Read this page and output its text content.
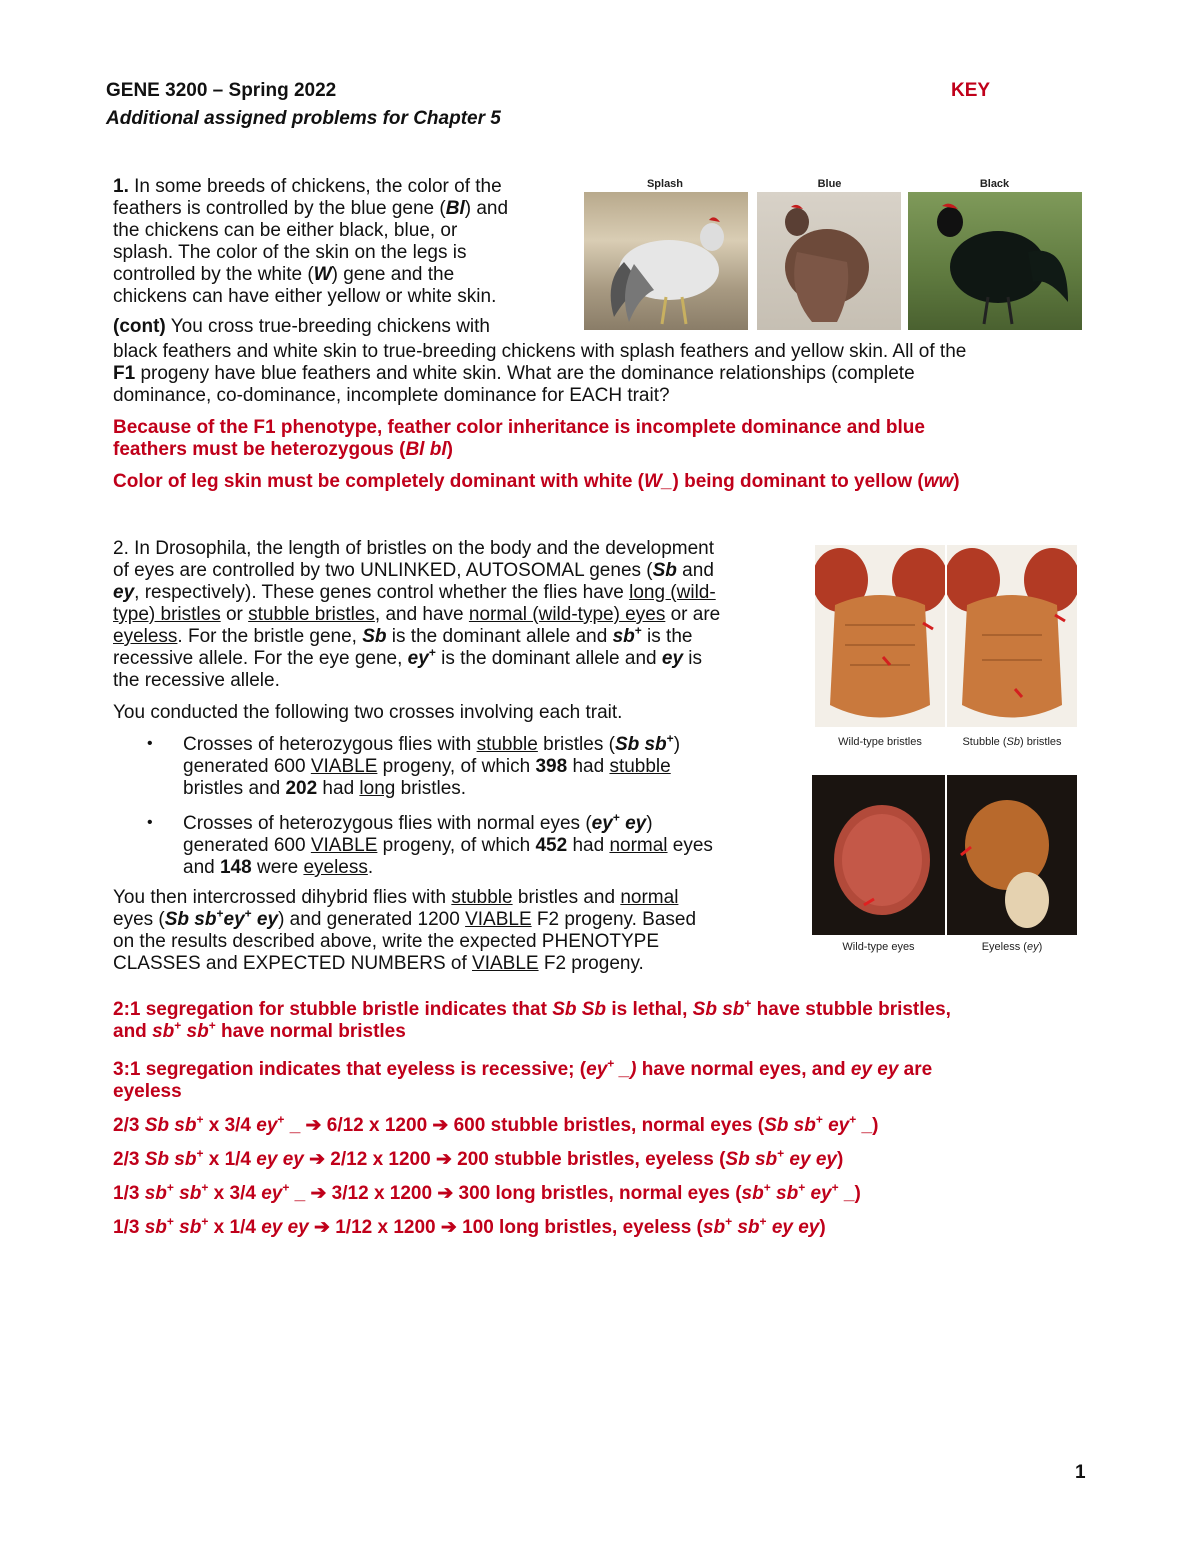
GENE 3200 – Spring 2022
Additional assigned problems for Chapter 5
KEY

1. In some breeds of chickens, the color of the

feathers is controlled by the blue gene (Bl) and

the chickens can be either black, blue, or

splash. The color of the skin on the legs is

controlled by the white (W) gene and the

chickens can have either yellow or white skin.

(cont) You cross true-breeding chickens with

black feathers and white skin to true-breeding chickens with splash feathers and yellow skin. All of the

F1 progeny have blue feathers and white skin. What are the dominance relationships (complete

dominance, co-dominance, incomplete dominance for EACH trait?

Splash	Blue	Black

Because of the F1 phenotype, feather color inheritance is incomplete dominance and blue

feathers must be heterozygous (Bl bl)

Color of leg skin must be completely dominant with white (W_) being dominant to yellow (ww)

2. In Drosophila, the length of bristles on the body and the development

of eyes are controlled by two UNLINKED, AUTOSOMAL genes (Sb and

ey, respectively). These genes control whether the flies have long (wild-

type) bristles or stubble bristles, and have normal (wild-type) eyes or are

eyeless. For the bristle gene, Sb is the dominant allele and sb+ is the

recessive allele. For the eye gene, ey+ is the dominant allele and ey is

the recessive allele.

You conducted the following two crosses involving each trait.

• Crosses of heterozygous flies with stubble bristles (Sb sb+)

generated 600 VIABLE progeny, of which 398 had stubble

bristles and 202 had long bristles.

• Crosses of heterozygous flies with normal eyes (ey+ ey)

generated 600 VIABLE progeny, of which 452 had normal eyes

and 148 were eyeless.

You then intercrossed dihybrid flies with stubble bristles and normal

eyes (Sb sb+ey+ ey) and generated 1200 VIABLE F2 progeny. Based

on the results described above, write the expected PHENOTYPE

CLASSES and EXPECTED NUMBERS of VIABLE F2 progeny.

Wild-type bristles	Stubble (Sb) bristles
Wild-type eyes	Eyeless (ey)

2:1 segregation for stubble bristle indicates that Sb Sb is lethal, Sb sb+ have stubble bristles,

and sb+ sb+ have normal bristles

3:1 segregation indicates that eyeless is recessive; (ey+ _) have normal eyes, and ey ey are

eyeless

2/3 Sb sb+ x 3/4 ey+ _ ➔ 6/12 x 1200 ➔ 600 stubble bristles, normal eyes (Sb sb+ ey+ _)

2/3 Sb sb+ x 1/4 ey ey ➔ 2/12 x 1200 ➔ 200 stubble bristles, eyeless (Sb sb+ ey ey)

1/3 sb+ sb+ x 3/4 ey+ _ ➔ 3/12 x 1200 ➔ 300 long bristles, normal eyes (sb+ sb+ ey+ _)

1/3 sb+ sb+ x 1/4 ey ey ➔ 1/12 x 1200 ➔ 100 long bristles, eyeless (sb+ sb+ ey ey)

1
